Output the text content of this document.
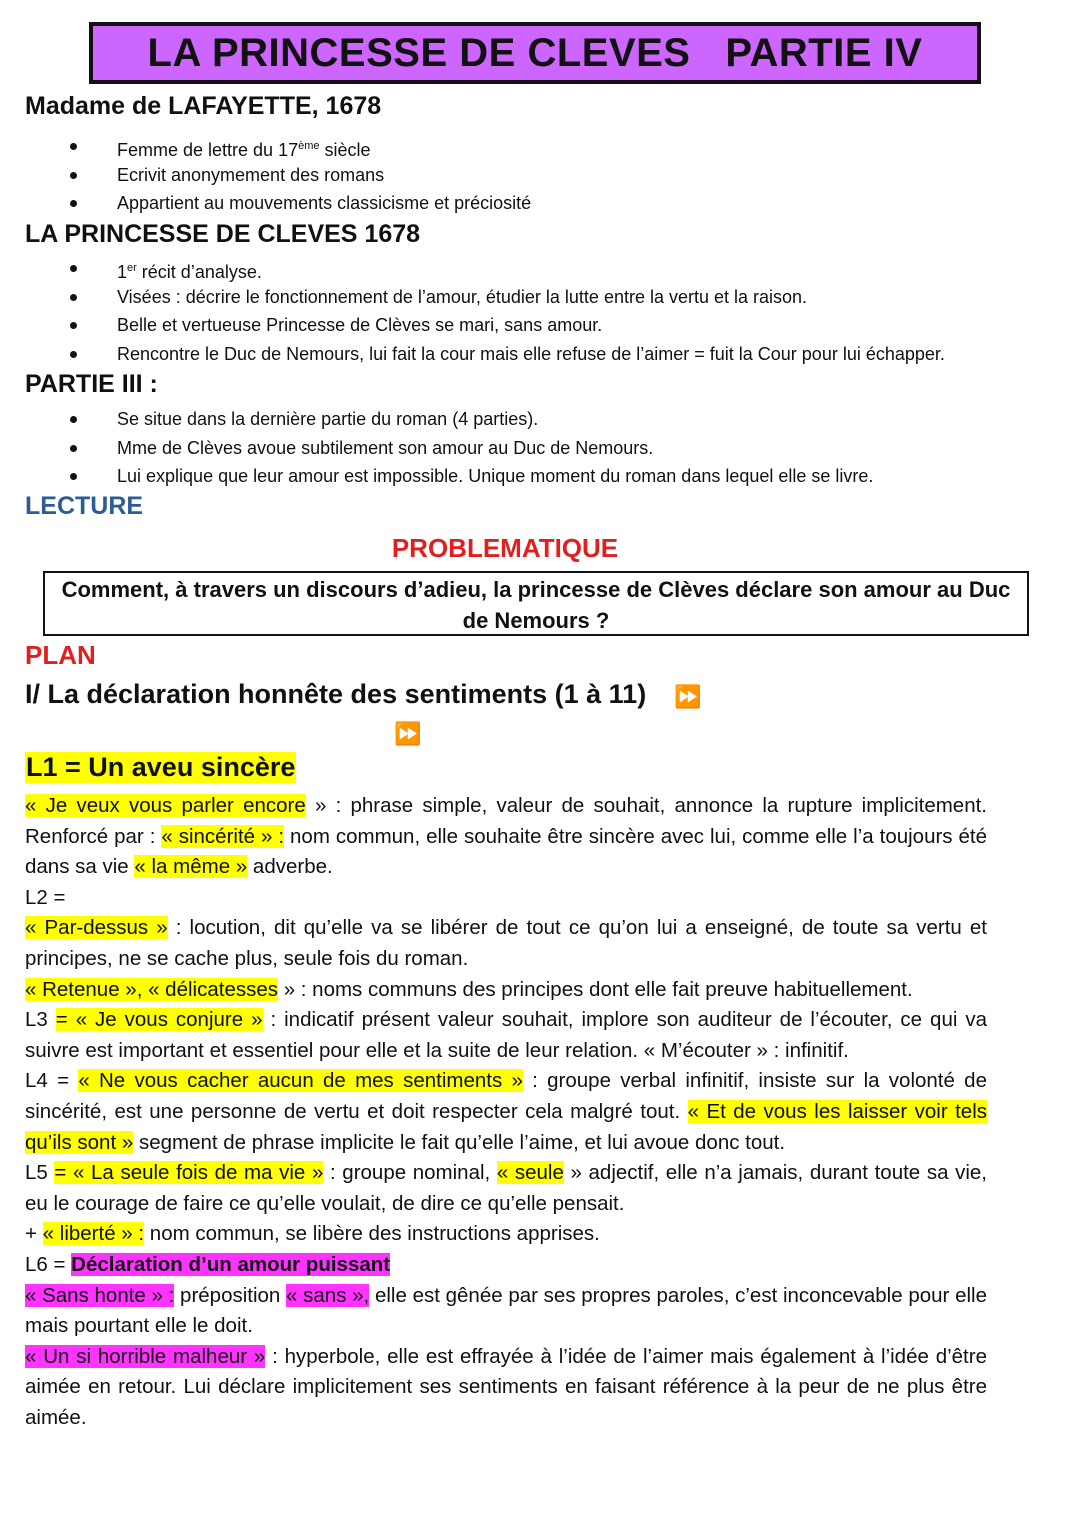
LA PRINCESSE DE CLEVES   PARTIE IV
Madame de LAFAYETTE, 1678
Femme de lettre du 17ème siècle
Ecrivit anonymement des romans
Appartient au mouvements classicisme et préciosité
LA PRINCESSE DE CLEVES 1678
1er récit d’analyse.
Visées : décrire le fonctionnement de l’amour, étudier la lutte entre la vertu et la raison.
Belle et vertueuse Princesse de Clèves se mari, sans amour.
Rencontre le Duc de Nemours, lui fait la cour mais elle refuse de l’aimer = fuit la Cour pour lui échapper.
PARTIE III :
Se situe dans la dernière partie du roman (4 parties).
Mme de Clèves avoue subtilement son amour au Duc de Nemours.
Lui explique que leur amour est impossible. Unique moment du roman dans lequel elle se livre.
LECTURE
PROBLEMATIQUE
Comment, à travers un discours d’adieu, la princesse de Clèves déclare son amour au Duc
de Nemours ?
PLAN
I/ La déclaration honnête des sentiments (1 à 11) ⏩
⏩
L1 = Un aveu sincère

« Je veux vous parler encore » : phrase simple, valeur de souhait, annonce la rupture implicitement. Renforcé par : « sincérité » : nom commun, elle souhaite être sincère avec lui, comme elle l’a toujours été dans sa vie « la même » adverbe.

L2 =

« Par-dessus » : locution, dit qu’elle va se libérer de tout ce qu’on lui a enseigné, de toute sa vertu et principes, ne se cache plus, seule fois du roman.

« Retenue », « délicatesses » : noms communs des principes dont elle fait preuve habituellement.

L3 = « Je vous conjure » : indicatif présent valeur souhait, implore son auditeur de l’écouter, ce qui va suivre est important et essentiel pour elle et la suite de leur relation. « M’écouter » : infinitif.

L4 = « Ne vous cacher aucun de mes sentiments » : groupe verbal infinitif, insiste sur la volonté de sincérité, est une personne de vertu et doit respecter cela malgré tout. « Et de vous les laisser voir tels qu’ils sont » segment de phrase implicite le fait qu’elle l’aime, et lui avoue donc tout.

L5 = « La seule fois de ma vie » : groupe nominal, « seule » adjectif, elle n’a jamais, durant toute sa vie, eu le courage de faire ce qu’elle voulait, de dire ce qu’elle pensait.

+ « liberté » : nom commun, se libère des instructions apprises.

L6 = Déclaration d’un amour puissant

« Sans honte » : préposition « sans », elle est gênée par ses propres paroles, c’est inconcevable pour elle mais pourtant elle le doit.

« Un si horrible malheur » : hyperbole, elle est effrayée à l’idée de l’aimer mais également à l’idée d’être aimée en retour. Lui déclare implicitement ses sentiments en faisant référence à la peur de ne plus être aimée.
